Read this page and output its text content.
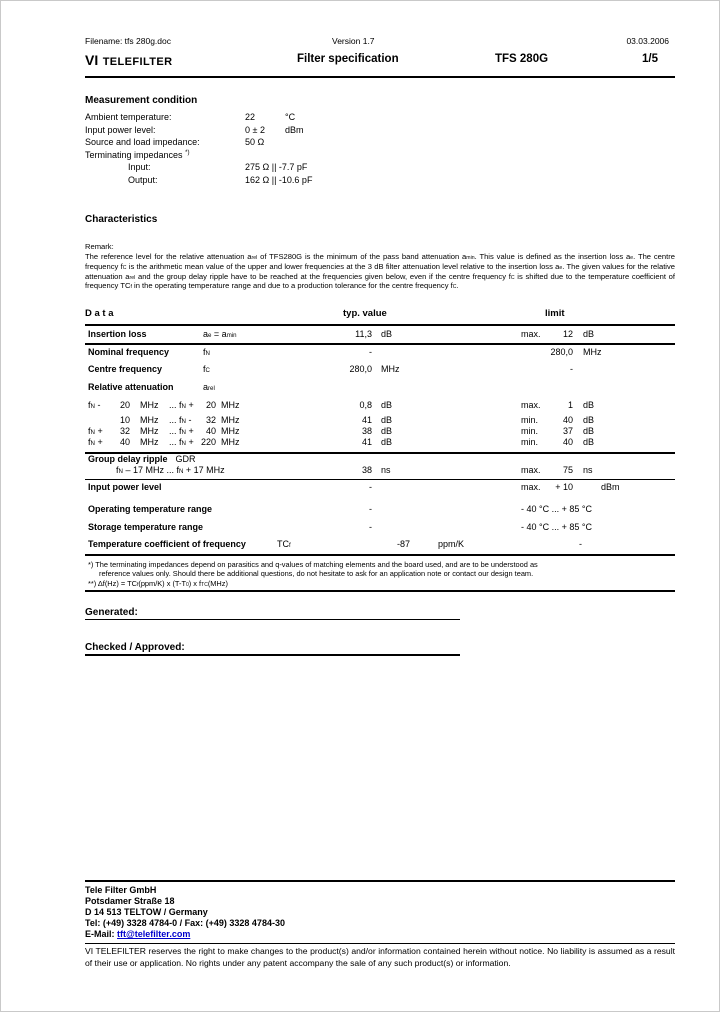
Filename: tfs 280g.doc	Version 1.7	03.03.2006
VI TELEFILTER	Filter specification	TFS 280G	1/5
Measurement condition
Ambient temperature:	22	°C
Input power level:	0 ± 2	dBm
Source and load impedance:	50 Ω
Terminating impedances *)
Input:	275 Ω || -7.7 pF
Output:	162 Ω || -10.6 pF
Characteristics
Remark:
The reference level for the relative attenuation $a_{rel}$ of TFS280G is the minimum of the pass band attenuation $a_{min}$. This value is defined as the insertion loss $a_e$. The centre frequency $f_C$ is the arithmetic mean value of the upper and lower frequencies at the 3 dB filter attenuation level relative to the insertion loss $a_e$. The given values for the relative attenuation $a_{rel}$ and the group delay ripple have to be reached at the frequencies given below, even if the centre frequency $f_C$ is shifted due to the temperature coefficient of frequency $TC_f$ in the operating temperature range and due to a production tolerance for the centre frequency $f_C$.
D a t a	typ. value	limit
Insertion loss	$a_e = a_{min}$	11,3	dB	max.	12	dB
Nominal frequency	$f_N$	-	280,0	MHz
Centre frequency	$f_C$	280,0	MHz	-
Relative attenuation	$a_{rel}$
$f_N$ -	20	MHz	... $f_N$ +	20 MHz	0,8	dB	max.	1	dB
10	MHz	... $f_N$ -	32 MHz	41	dB	min.	40	dB
$f_N$ +	32	MHz	... $f_N$ +	40 MHz	38	dB	min.	37	dB
$f_N$ +	40	MHz	... $f_N + 220$ MHz	41	dB	min.	40	dB
Group delay ripple GDR
$f_N - 17$ MHz ... $f_N + 17$ MHz	38	ns	max.	75	ns
Input power level	-	max.	+ 10	dBm
Operating temperature range	-	- 40 °C ... + 85 °C
Storage temperature range	-	- 40 °C ... + 85 °C
Temperature coefficient of frequency	$TC_f$	-87	ppm/K	-
*) The terminating impedances depend on parasitics and q-values of matching elements and the board used, and are to be understood as
reference values only. Should there be additional questions, do not hesitate to ask for an application note or contact our design team.
**) $\Delta f(Hz) = TC_f(ppm/K)$ x $(T-T_0)$ x $f_{TC}(MHz)$
Generated:
Checked / Approved:
Tele Filter GmbH
Potsdamer Straße 18
D 14 513 TELTOW / Germany
Tel: (+49) 3328 4784-0 / Fax: (+49) 3328 4784-30
E-Mail: tft@telefilter.com
VI TELEFILTER reserves the right to make changes to the product(s) and/or information contained herein without notice. No liability is assumed as a result of their use or application. No rights under any patent accompany the sale of any such product(s) or information.
